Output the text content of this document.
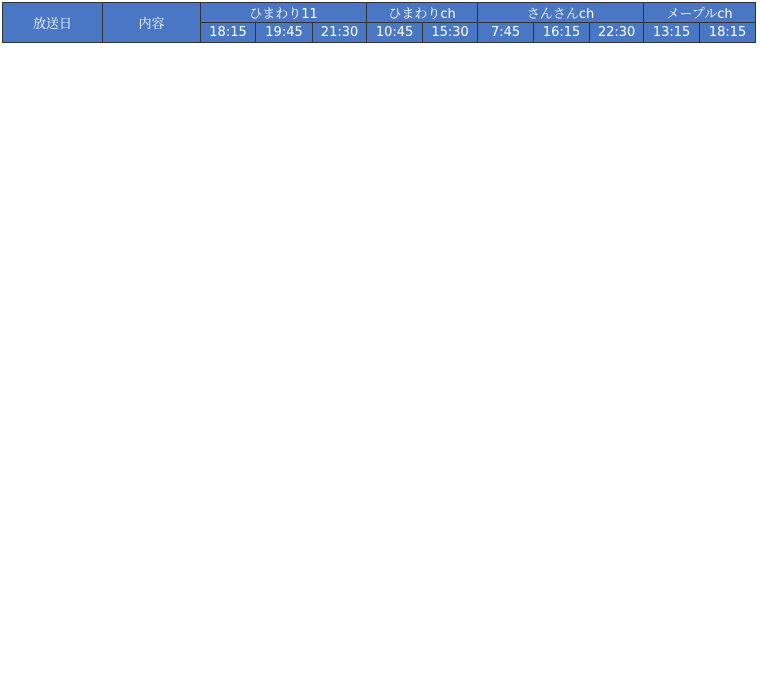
放送日	内容	ひまわり11			ひまわりch		さんさんch			メープルch	
		18:15	19:45	21:30	10:45	15:30	7:45	16:15	22:30	13:15	18:15
